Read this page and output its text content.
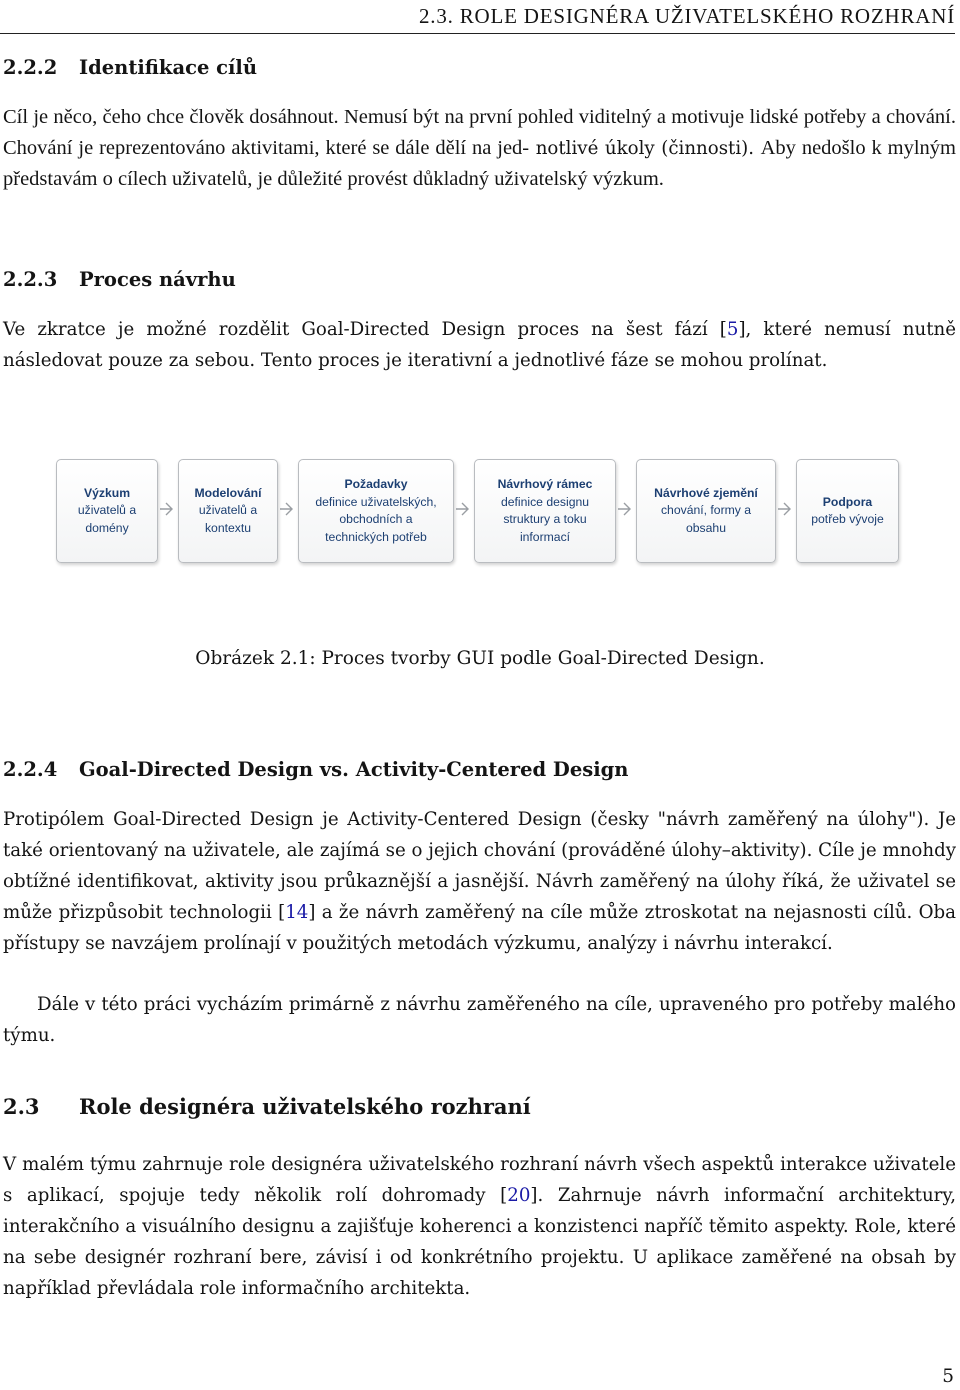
2.3. ROLE DESIGNÉRA UŽIVATELSKÉHO ROZHRANÍ
2.2.2 Identifikace cílů

Cíl je něco, čeho chce člověk dosáhnout. Nemusí být na první pohled viditelný a motivuje lidské potřeby a chování. Chování je reprezentováno aktivitami, které se dále dělí na jed- notlivé úkoly (činnosti). Aby nedošlo k mylným představám o cílech uživatelů, je důležité provést důkladný uživatelský výzkum.

2.2.3 Proces návrhu

Ve zkratce je možné rozdělit Goal-Directed Design proces na šest fází [5], které nemusí nutně následovat pouze za sebou. Tento proces je iterativní a jednotlivé fáze se mohou prolínat.

Výzkum
uživatelů a
domény
Modelování
uživatelů a
kontextu
Požadavky
definice uživatelských,
obchodních a
technických potřeb
Návrhový rámec
definice designu
struktury a toku
informací
Návrhové zjemění
chování, formy a
obsahu
Podpora
potřeb vývoje
Obrázek 2.1: Proces tvorby GUI podle Goal-Directed Design.
2.2.4 Goal-Directed Design vs. Activity-Centered Design

Protipólem Goal-Directed Design je Activity-Centered Design (česky "návrh zaměřený na úlohy"). Je také orientovaný na uživatele, ale zajímá se o jejich chování (prováděné úlohy–aktivity). Cíle je mnohdy obtížné identifikovat, aktivity jsou průkaznější a jasnější. Návrh zaměřený na úlohy říká, že uživatel se může přizpůsobit technologii [14] a že návrh zaměřený na cíle může ztroskotat na nejasnosti cílů. Oba přístupy se navzájem prolínají v použitých metodách výzkumu, analýzy i návrhu interakcí.

Dále v této práci vycházím primárně z návrhu zaměřeného na cíle, upraveného pro potřeby malého týmu.

2.3 Role designéra uživatelského rozhraní

V malém týmu zahrnuje role designéra uživatelského rozhraní návrh všech aspektů interakce uživatele s aplikací, spojuje tedy několik rolí dohromady [20]. Zahrnuje návrh informační architektury, interakčního a visuálního designu a zajišťuje koherenci a konzistenci napříč těmito aspekty. Role, které na sebe designér rozhraní bere, závisí i od konkrétního projektu. U aplikace zaměřené na obsah by například převládala role informačního architekta.

5
